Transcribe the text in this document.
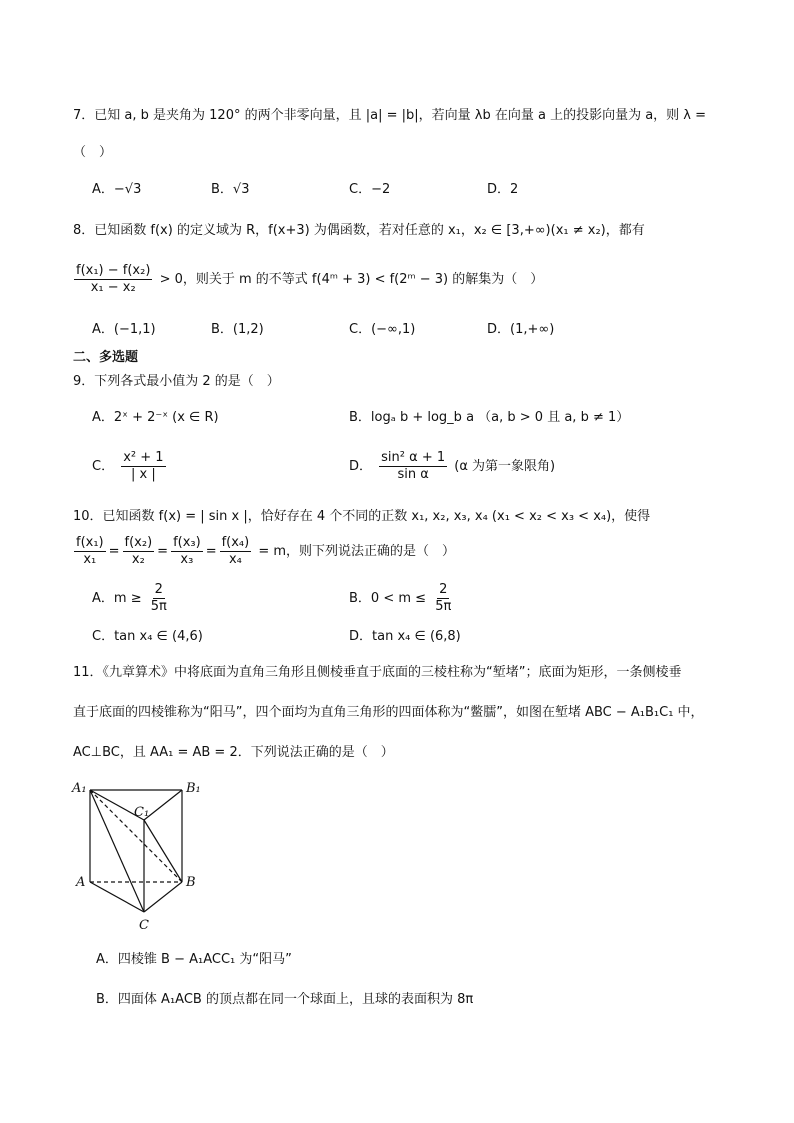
7．已知 a, b 是夹角为 120° 的两个非零向量，且 |a| = |b|，若向量 λb 在向量 a 上的投影向量为 a，则 λ =
（　）
A．−√3	B．√3	C．−2	D．2
8．已知函数 f(x) 的定义域为 R，f(x+3) 为偶函数，若对任意的 x₁，x₂ ∈ [3,+∞)(x₁ ≠ x₂)，都有
$\frac{\text{f(x₁) − f(x₂)}}{\text{x₁ − x₂}} > 0$，则关于 m 的不等式 f(4ᵐ + 3) < f(2ᵐ − 3) 的解集为（　）
A．(−1,1)	B．(1,2)	C．(−∞,1)	D．(1,+∞)
二、多选题
9．下列各式最小值为 2 的是（　）
A．2ˣ + 2⁻ˣ (x ∈ R)	B．logₐ b + log_b a （a, b > 0 且 a, b ≠ 1）
C． $\frac{\text{x² + 1}}{| x |}$	D． $\frac{\text{sin² α + 1}}{\text{sin α}} (\alpha$ 为第一象限角)
10．已知函数 f(x) = | sin x |，恰好存在 4 个不同的正数 x₁, x₂, x₃, x₄ (x₁ < x₂ < x₃ < x₄)，使得
$\frac{\text{f(x₁)}}{\text{x₁}} = \frac{\text{f(x₂)}}{\text{x₂}} = \frac{\text{f(x₃)}}{\text{x₃}} = \frac{\text{f(x₄)}}{\text{x₄}} = m$，则下列说法正确的是（　）
A．$m \ge \frac{2}{5\pi}$	B．$0 < m \le \frac{2}{5\pi}$
C．tan x₄ ∈ (4,6)	D．tan x₄ ∈ (6,8)
11．《九章算术》中将底面为直角三角形且侧棱垂直于底面的三棱柱称为“堑堵”；底面为矩形，一条侧棱垂
直于底面的四棱锥称为“阳马”，四个面均为直角三角形的四面体称为“鳖臑”，如图在堑堵 ABC − A₁B₁C₁ 中，
AC⊥BC，且 AA₁ = AB = 2．下列说法正确的是（　）
A₁	B₁
C₁
A	B
C
A．四棱锥 B − A₁ACC₁ 为“阳马”
B．四面体 A₁ACB 的顶点都在同一个球面上，且球的表面积为 8π
